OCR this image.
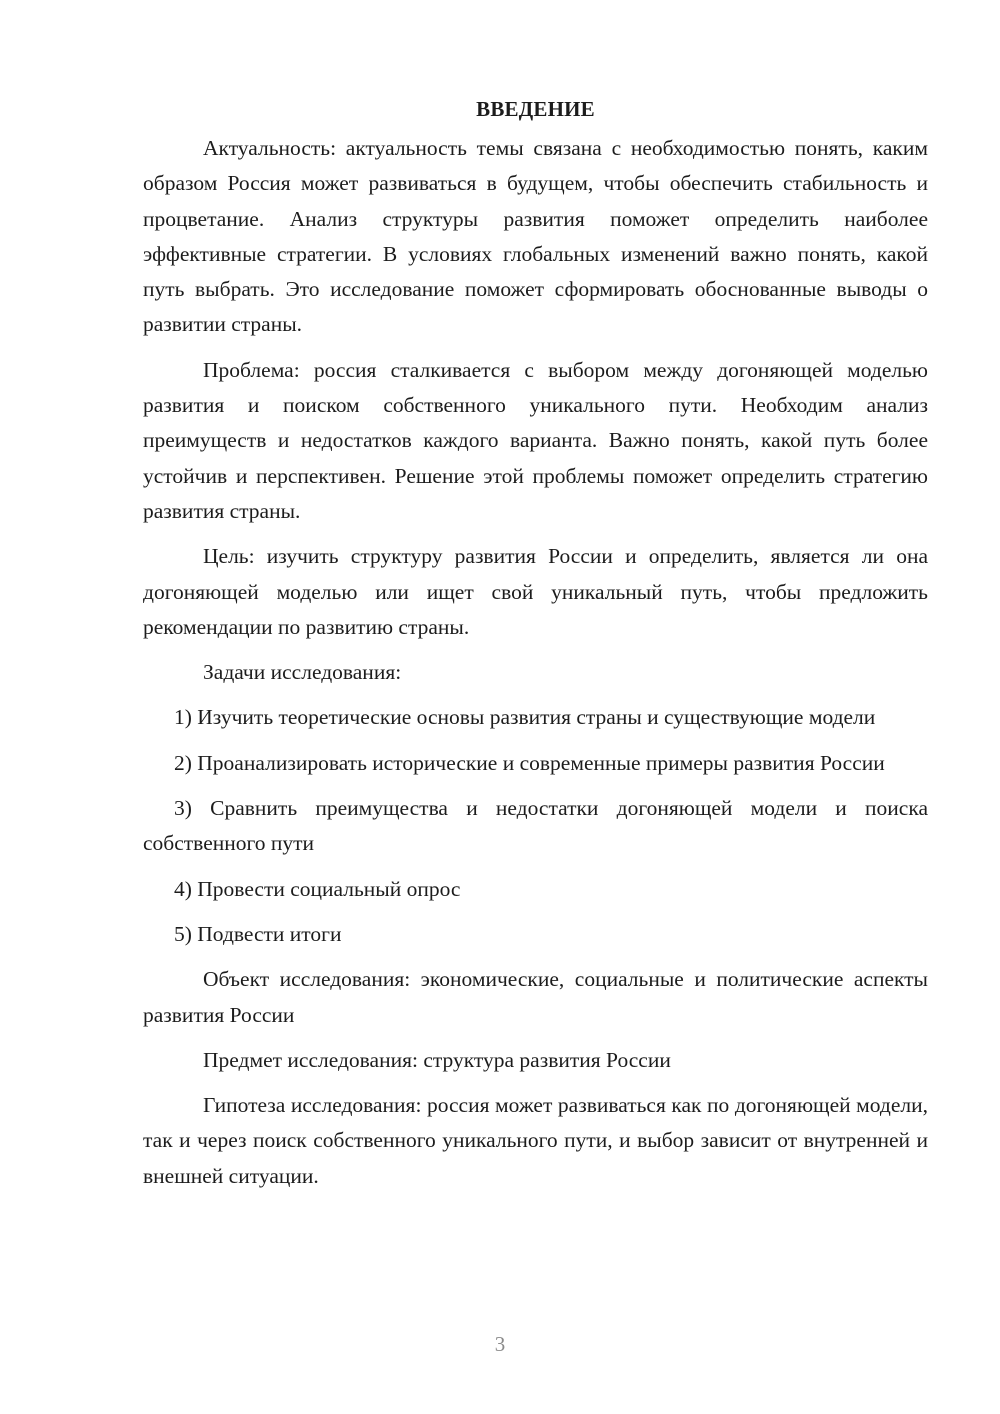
ВВЕДЕНИЕ

Актуальность: актуальность темы связана с необходимостью понять, каким образом Россия может развиваться в будущем, чтобы обеспечить стабильность и процветание. Анализ структуры развития поможет определить наиболее эффективные стратегии. В условиях глобальных изменений важно понять, какой путь выбрать. Это исследование поможет сформировать обоснованные выводы о развитии страны.

Проблема: россия сталкивается с выбором между догоняющей моделью развития и поиском собственного уникального пути. Необходим анализ преимуществ и недостатков каждого варианта. Важно понять, какой путь более устойчив и перспективен. Решение этой проблемы поможет определить стратегию развития страны.

Цель: изучить структуру развития России и определить, является ли она догоняющей моделью или ищет свой уникальный путь, чтобы предложить рекомендации по развитию страны.

Задачи исследования:

1) Изучить теоретические основы развития страны и существующие модели

2) Проанализировать исторические и современные примеры развития России

3) Сравнить преимущества и недостатки догоняющей модели и поиска собственного пути

4) Провести социальный опрос

5) Подвести итоги

Объект исследования: экономические, социальные и политические аспекты развития России

Предмет исследования: структура развития России

Гипотеза исследования: россия может развиваться как по догоняющей модели, так и через поиск собственного уникального пути, и выбор зависит от внутренней и внешней ситуации.

3
